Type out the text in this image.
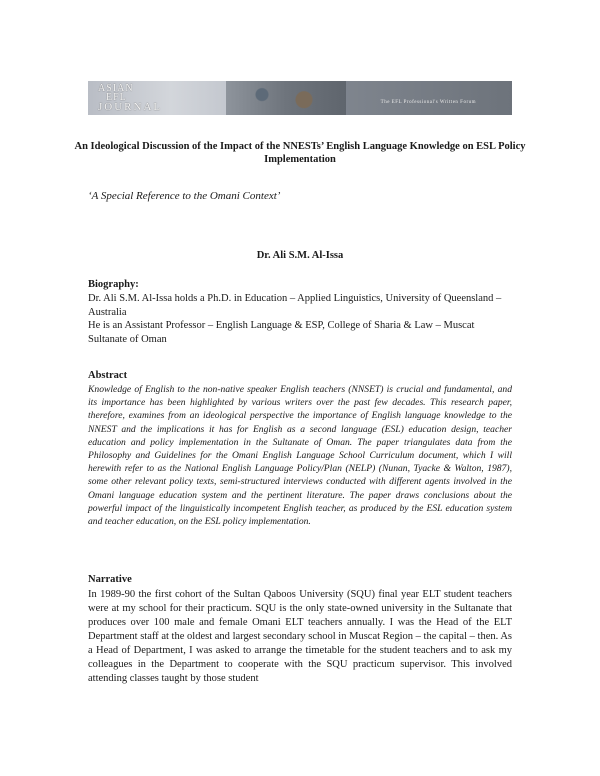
ASIAN
EFL
JOURNAL	The EFL Professional's Written Forum
An Ideological Discussion of the Impact of the NNESTs’ English Language Knowledge on ESL Policy Implementation
‘A Special Reference to the Omani Context’
Dr. Ali S.M. Al-Issa
Biography:

Dr. Ali S.M. Al-Issa holds a Ph.D. in Education – Applied Linguistics, University of Queensland – Australia

He is an Assistant Professor – English Language & ESP, College of Sharia & Law – Muscat Sultanate of Oman

Abstract
Knowledge of English to the non-native speaker English teachers (NNSET) is crucial and fundamental, and its importance has been highlighted by various writers over the past few decades. This research paper, therefore, examines from an ideological perspective the importance of English language knowledge to the NNEST and the implications it has for English as a second language (ESL) education design, teacher education and policy implementation in the Sultanate of Oman. The paper triangulates data from the Philosophy and Guidelines for the Omani English Language School Curriculum document, which I will herewith refer to as the National English Language Policy/Plan (NELP) (Nunan, Tyacke & Walton, 1987), some other relevant policy texts, semi-structured interviews conducted with different agents involved in the Omani language education system and the pertinent literature. The paper draws conclusions about the powerful impact of the linguistically incompetent English teacher, as produced by the ESL education system and teacher education, on the ESL policy implementation.
Narrative
In 1989-90 the first cohort of the Sultan Qaboos University (SQU) final year ELT student teachers were at my school for their practicum. SQU is the only state-owned university in the Sultanate that produces over 100 male and female Omani ELT teachers annually. I was the Head of the ELT Department staff at the oldest and largest secondary school in Muscat Region – the capital – then. As a Head of Department, I was asked to arrange the timetable for the student teachers and to ask my colleagues in the Department to cooperate with the SQU practicum supervisor. This involved attending classes taught by those student
